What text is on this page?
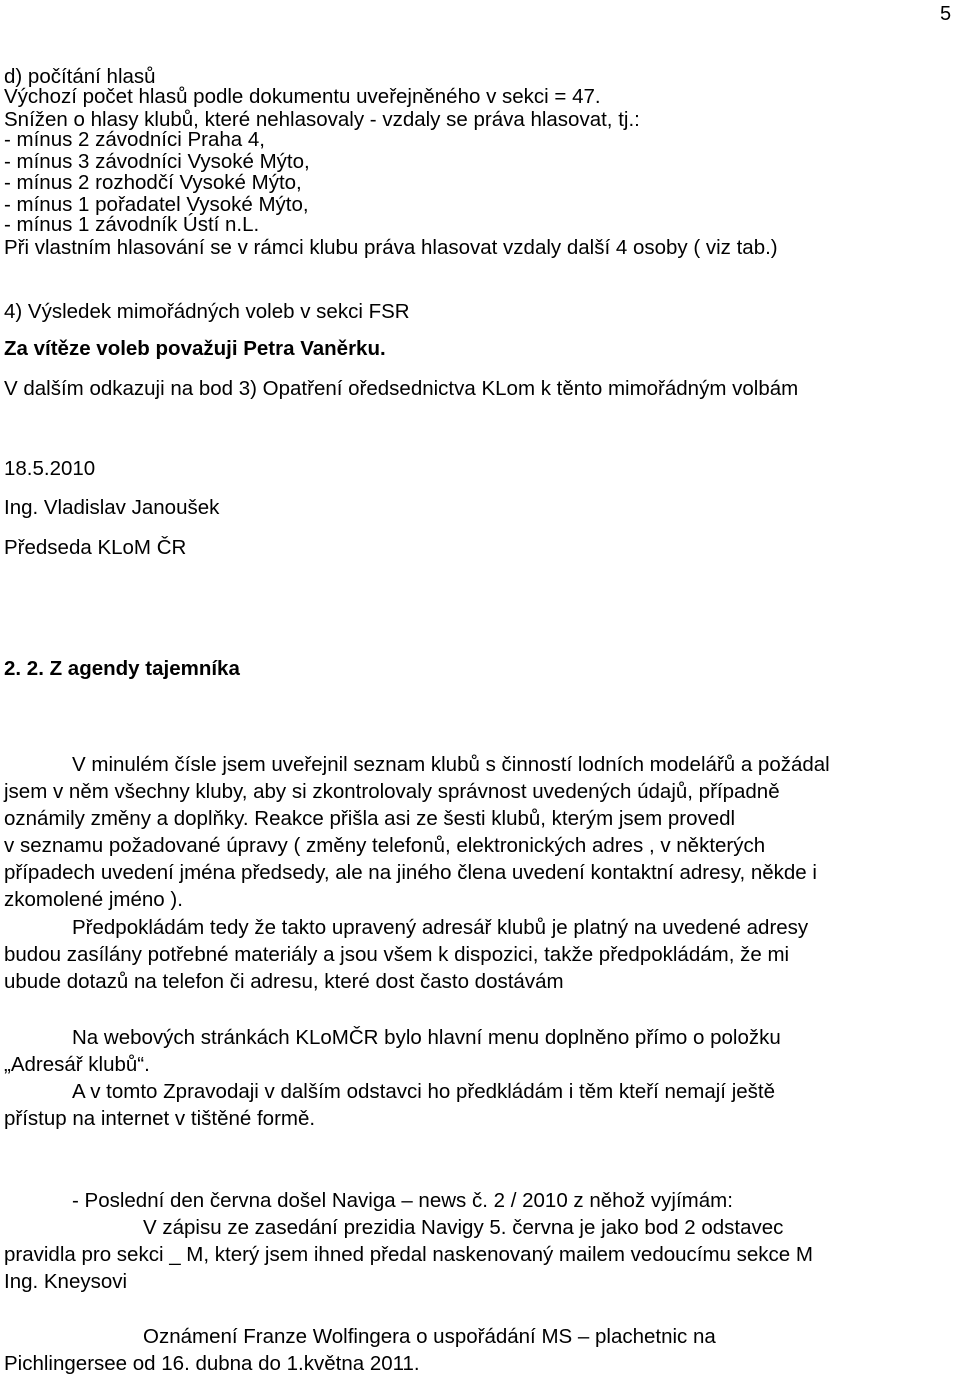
5
d) počítání hlasů
Výchozí počet hlasů podle dokumentu uveřejněného v sekci = 47.
Snížen o hlasy klubů, které nehlasovaly - vzdaly se práva hlasovat, tj.:
- mínus 2 závodníci Praha 4,
- mínus 3 závodníci Vysoké Mýto,
- mínus 2 rozhodčí Vysoké Mýto,
- mínus 1 pořadatel Vysoké Mýto,
- mínus 1 závodník Ústí n.L.
Při vlastním hlasování se v rámci klubu práva hlasovat vzdaly další 4 osoby ( viz tab.)
4) Výsledek mimořádných voleb v sekci FSR
Za vítěze voleb považuji Petra Vaněrku.
V dalším odkazuji na bod 3) Opatření oředsednictva KLom k těnto mimořádným volbám
18.5.2010
Ing. Vladislav Janoušek
Předseda KLoM ČR
2. 2. Z agendy tajemníka
V minulém čísle jsem uveřejnil seznam klubů s činností lodních modelářů a požádal
jsem v něm všechny kluby, aby si zkontrolovaly správnost uvedených údajů, případně
oznámily změny a doplňky. Reakce přišla asi ze šesti klubů, kterým jsem provedl
v seznamu požadované úpravy ( změny telefonů, elektronických adres , v některých
případech uvedení jména předsedy, ale na jiného člena uvedení kontaktní adresy, někde i
zkomolené jméno ).
Předpokládám tedy že takto upravený adresář klubů je platný na uvedené adresy
budou zasílány potřebné materiály a jsou všem k dispozici, takže předpokládám, že mi
ubude dotazů na telefon či adresu, které dost často dostávám
Na webových stránkách KLoMČR bylo hlavní menu doplněno přímo o položku
„Adresář klubů“.
A v tomto Zpravodaji v dalším odstavci ho předkládám i těm kteří nemají ještě
přístup na internet v tištěné formě.
- Poslední den června došel Naviga – news č. 2 / 2010 z něhož vyjímám:
V zápisu ze zasedání prezidia Navigy 5. června je jako bod 2 odstavec
pravidla pro sekci _ M, který jsem ihned předal naskenovaný mailem vedoucímu sekce M
Ing. Kneysovi
Oznámení Franze Wolfingera o uspořádání MS – plachetnic na
Pichlingersee od 16. dubna do 1.května 2011.
